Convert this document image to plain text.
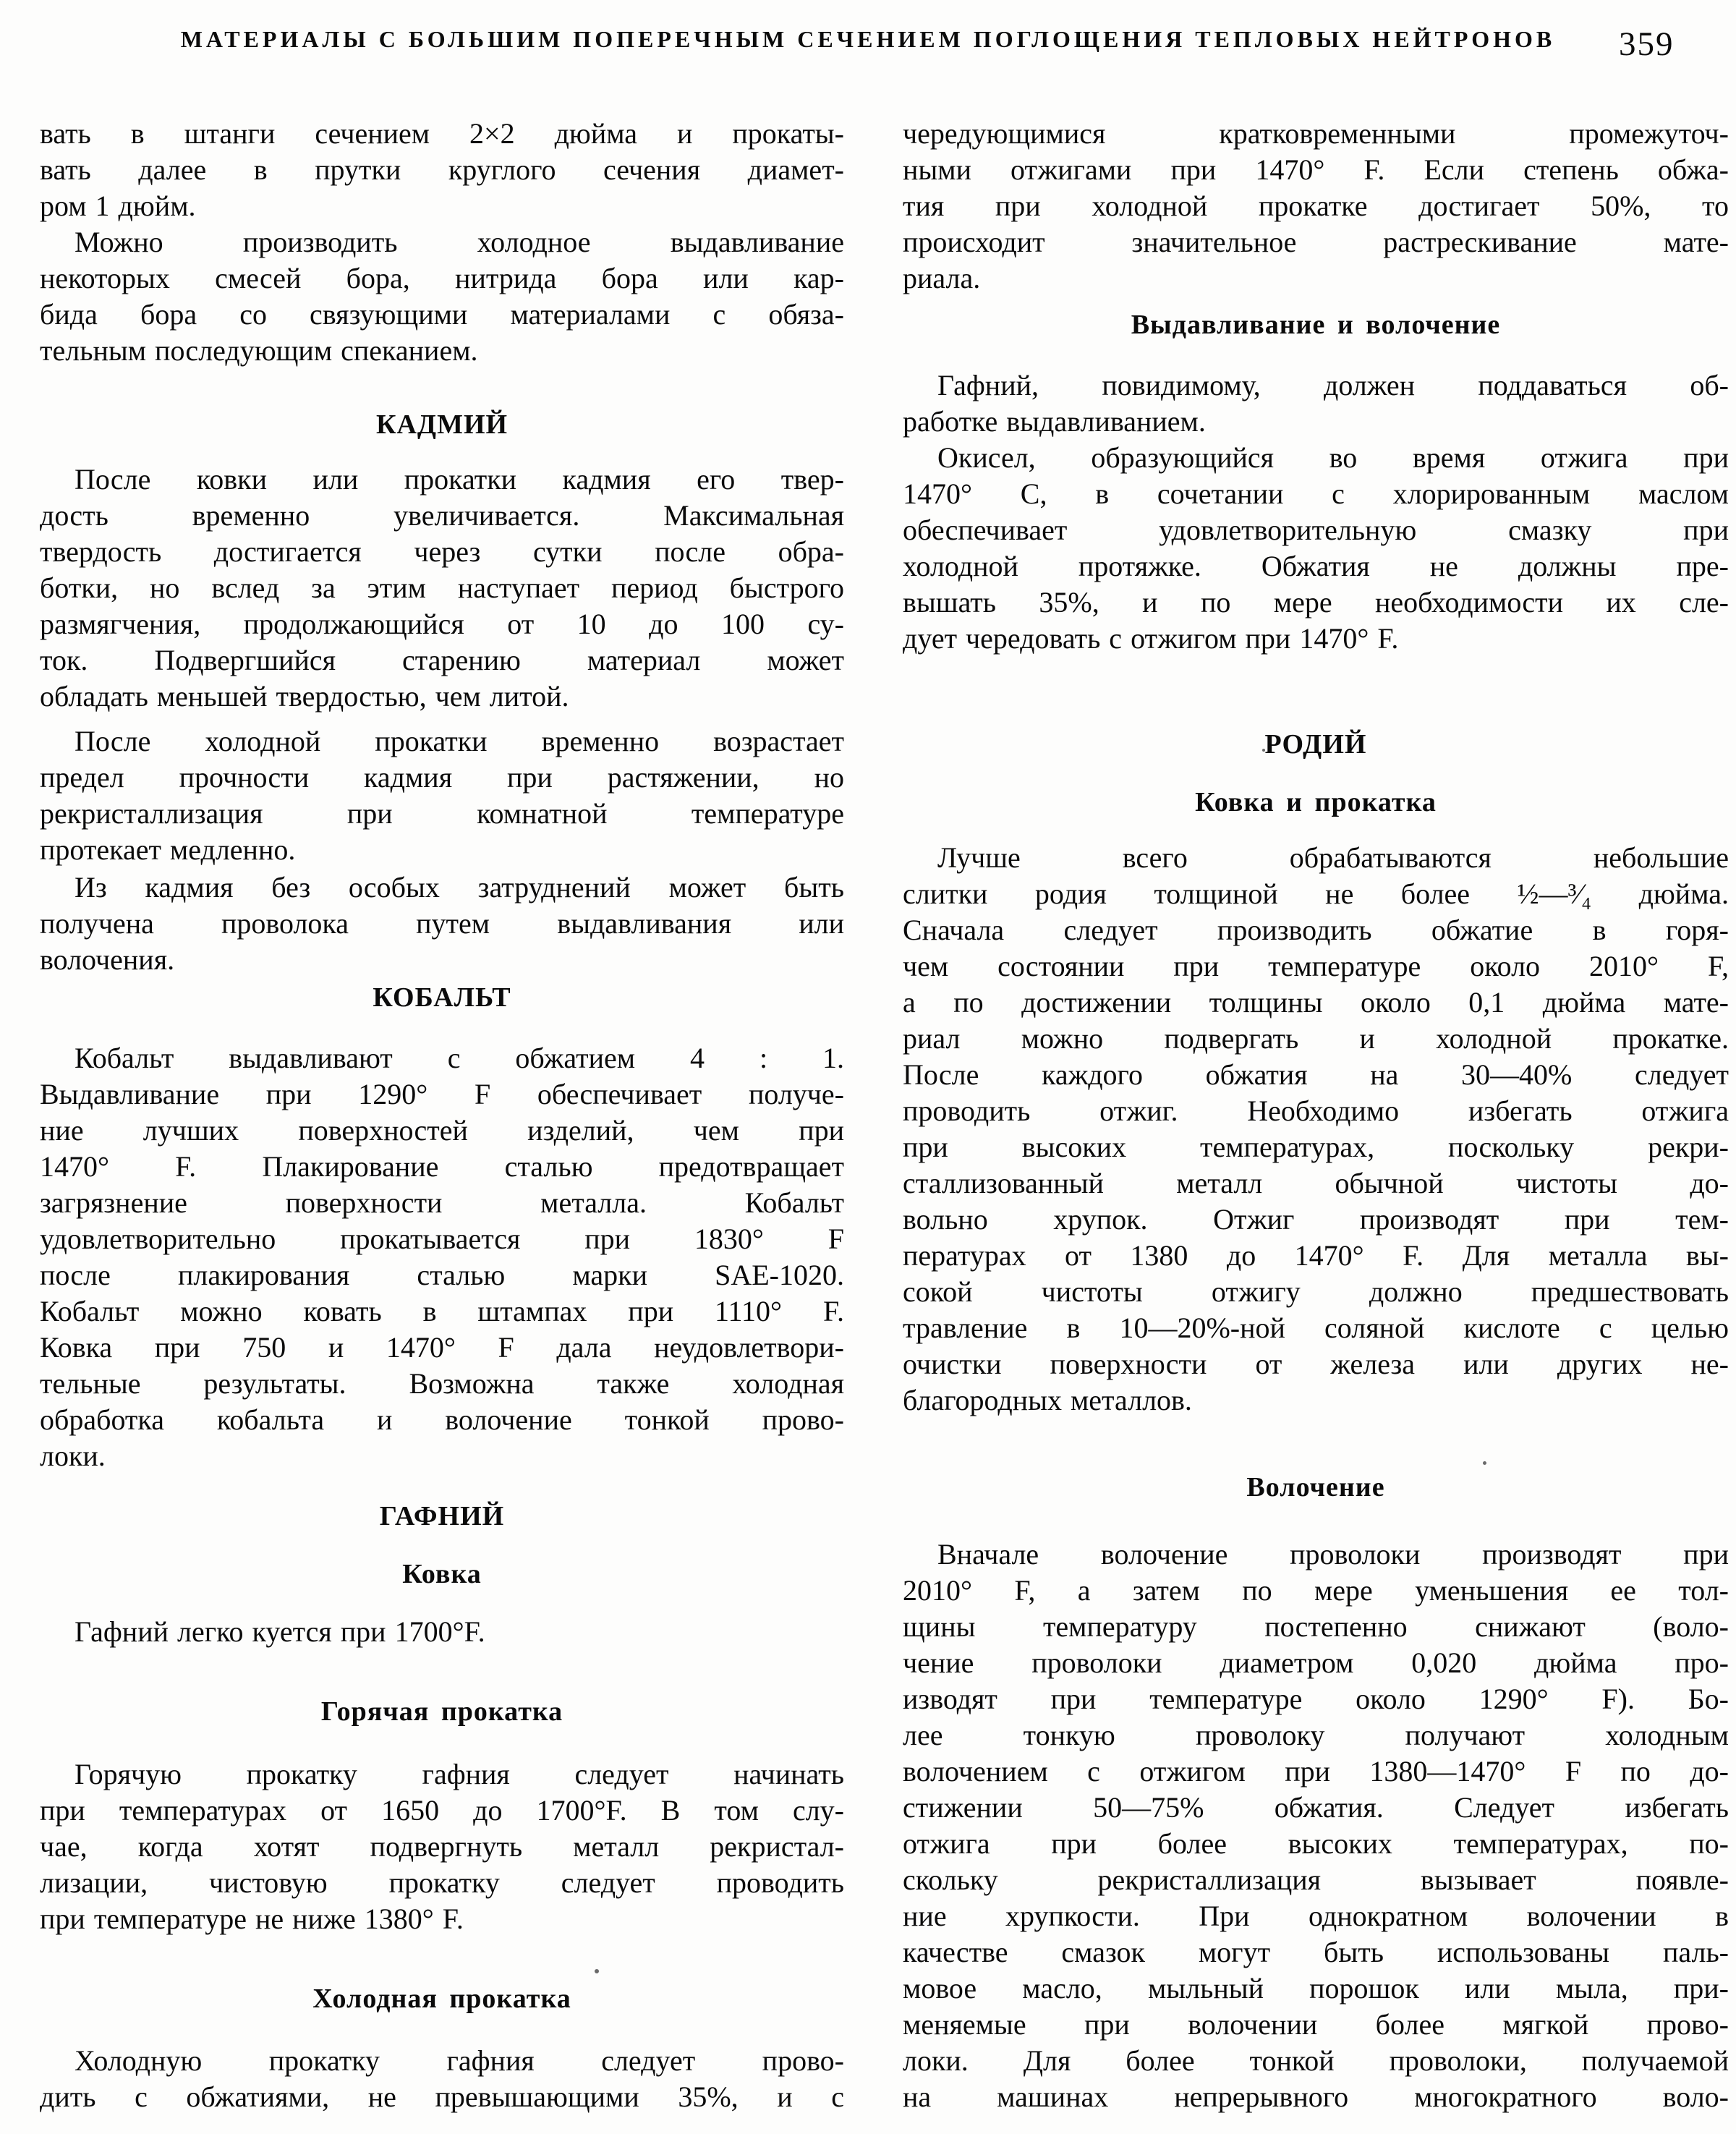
МАТЕРИАЛЫ С БОЛЬШИМ ПОПЕРЕЧНЫМ СЕЧЕНИЕМ ПОГЛОЩЕНИЯ ТЕПЛОВЫХ НЕЙТРОНОВ	359
вать в штанги сечением 2×2 дюйма и прокаты-
вать далее в прутки круглого сечения диамет-
ром 1 дюйм.
Можно производить холодное выдавливание
некоторых смесей бора, нитрида бора или кар-
бида бора со связующими материалами с обяза-
тельным последующим спеканием.
КАДМИЙ
После ковки или прокатки кадмия его твер-
дость временно увеличивается. Максимальная
твердость достигается через сутки после обра-
ботки, но вслед за этим наступает период быстрого
размягчения, продолжающийся от 10 до 100 су-
ток. Подвергшийся старению материал может
обладать меньшей твердостью, чем литой.
После холодной прокатки временно возрастает
предел прочности кадмия при растяжении, но
рекристаллизация при комнатной температуре
протекает медленно.
Из кадмия без особых затруднений может быть
получена проволока путем выдавливания или
волочения.
КОБАЛЬТ
Кобальт выдавливают с обжатием 4 : 1.
Выдавливание при 1290° F обеспечивает получе-
ние лучших поверхностей изделий, чем при
1470° F. Плакирование сталью предотвращает
загрязнение поверхности металла. Кобальт
удовлетворительно прокатывается при 1830° F
после плакирования сталью марки SAE-1020.
Кобальт можно ковать в штампах при 1110° F.
Ковка при 750 и 1470° F дала неудовлетвори-
тельные результаты. Возможна также холодная
обработка кобальта и волочение тонкой прово-
локи.
ГАФНИЙ
Ковка
Гафний легко куется при 1700°F.
Горячая прокатка
Горячую прокатку гафния следует начинать
при температурах от 1650 до 1700°F. В том слу-
чае, когда хотят подвергнуть металл рекристал-
лизации, чистовую прокатку следует проводить
при температуре не ниже 1380° F.
Холодная прокатка
Холодную прокатку гафния следует прово-
дить с обжатиями, не превышающими 35%, и с
чередующимися кратковременными промежуточ-
ными отжигами при 1470° F. Если степень обжа-
тия при холодной прокатке достигает 50%, то
происходит значительное растрескивание мате-
риала.
Выдавливание и волочение
Гафний, повидимому, должен поддаваться об-
работке выдавливанием.
Окисел, образующийся во время отжига при
1470° C, в сочетании с хлорированным маслом
обеспечивает удовлетворительную смазку при
холодной протяжке. Обжатия не должны пре-
вышать 35%, и по мере необходимости их сле-
дует чередовать с отжигом при 1470° F.
РОДИЙ
Ковка и прокатка
Лучше всего обрабатываются небольшие
слитки родия толщиной не более ½—³⁄₄ дюйма.
Сначала следует производить обжатие в горя-
чем состоянии при температуре около 2010° F,
а по достижении толщины около 0,1 дюйма мате-
риал можно подвергать и холодной прокатке.
После каждого обжатия на 30—40% следует
проводить отжиг. Необходимо избегать отжига
при высоких температурах, поскольку рекри-
сталлизованный металл обычной чистоты до-
вольно хрупок. Отжиг производят при тем-
пературах от 1380 до 1470° F. Для металла вы-
сокой чистоты отжигу должно предшествовать
травление в 10—20%-ной соляной кислоте с целью
очистки поверхности от железа или других не-
благородных металлов.
Волочение
Вначале волочение проволоки производят при
2010° F, а затем по мере уменьшения ее тол-
щины температуру постепенно снижают (воло-
чение проволоки диаметром 0,020 дюйма про-
изводят при температуре около 1290° F). Бо-
лее тонкую проволоку получают холодным
волочением с отжигом при 1380—1470° F по до-
стижении 50—75% обжатия. Следует избегать
отжига при более высоких температурах, по-
скольку рекристаллизация вызывает появле-
ние хрупкости. При однократном волочении в
качестве смазок могут быть использованы паль-
мовое масло, мыльный порошок или мыла, при-
меняемые при волочении более мягкой прово-
локи. Для более тонкой проволоки, получаемой
на машинах непрерывного многократного воло-
